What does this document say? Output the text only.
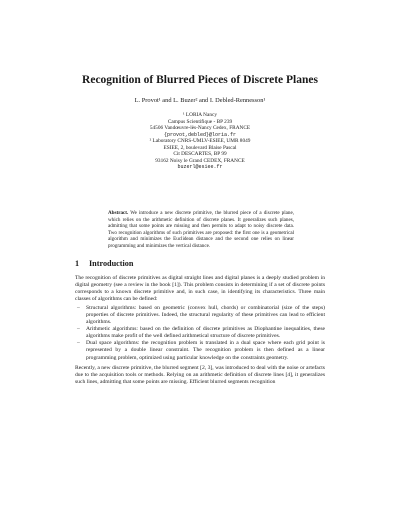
Recognition of Blurred Pieces of Discrete Planes
L. Provot¹ and L. Buzer² and I. Debled-Rennesson¹
¹ LORIA Nancy
Campus Scientifique - BP 239
54506 Vandœuvre-lès-Nancy Cedex, FRANCE
{provot,debled}@loria.fr
² Laboratory CNRS-UMLV-ESIEE, UMR 8049
ESIEE, 2, boulevard Blaise Pascal
Cit DESCARTES, BP 99
93162 Noisy le Grand CEDEX, FRANCE
buzerl@esiee.fr
Abstract. We introduce a new discrete primitive, the blurred piece of a discrete plane, which relies on the arithmetic definition of discrete planes. It generalizes such planes, admitting that some points are missing and then permits to adapt to noisy discrete data. Two recognition algorithms of such primitives are proposed: the first one is a geometrical algorithm and minimizes the Euclidean distance and the second one relies on linear programming and minimizes the vertical distance.
1 Introduction

The recognition of discrete primitives as digital straight lines and digital planes is a deeply studied problem in digital geometry (see a review in the book [1]). This problem consists in determining if a set of discrete points corresponds to a known discrete primitive and, in such case, in identifying its characteristics. Three main classes of algorithms can be defined:

– Structural algorithms: based on geometric (convex hull, chords) or combinatorial (size of the steps) properties of discrete primitives. Indeed, the structural regularity of these primitives can lead to efficient algorithms.
– Arithmetic algorithms: based on the definition of discrete primitives as Diophantine inequalities, these algorithms make profit of the well defined arithmetical structure of discrete primitives.
– Dual space algorithms: the recognition problem is translated in a dual space where each grid point is represented by a double linear constraint. The recognition problem is then defined as a linear programming problem, optimized using particular knowledge on the constraints geometry.

Recently, a new discrete primitive, the blurred segment [2, 3], was introduced to deal with the noise or artefacts due to the acquisition tools or methods. Relying on an arithmetic definition of discrete lines [4], it generalizes such lines, admitting that some points are missing. Efficient blurred segments recognition
